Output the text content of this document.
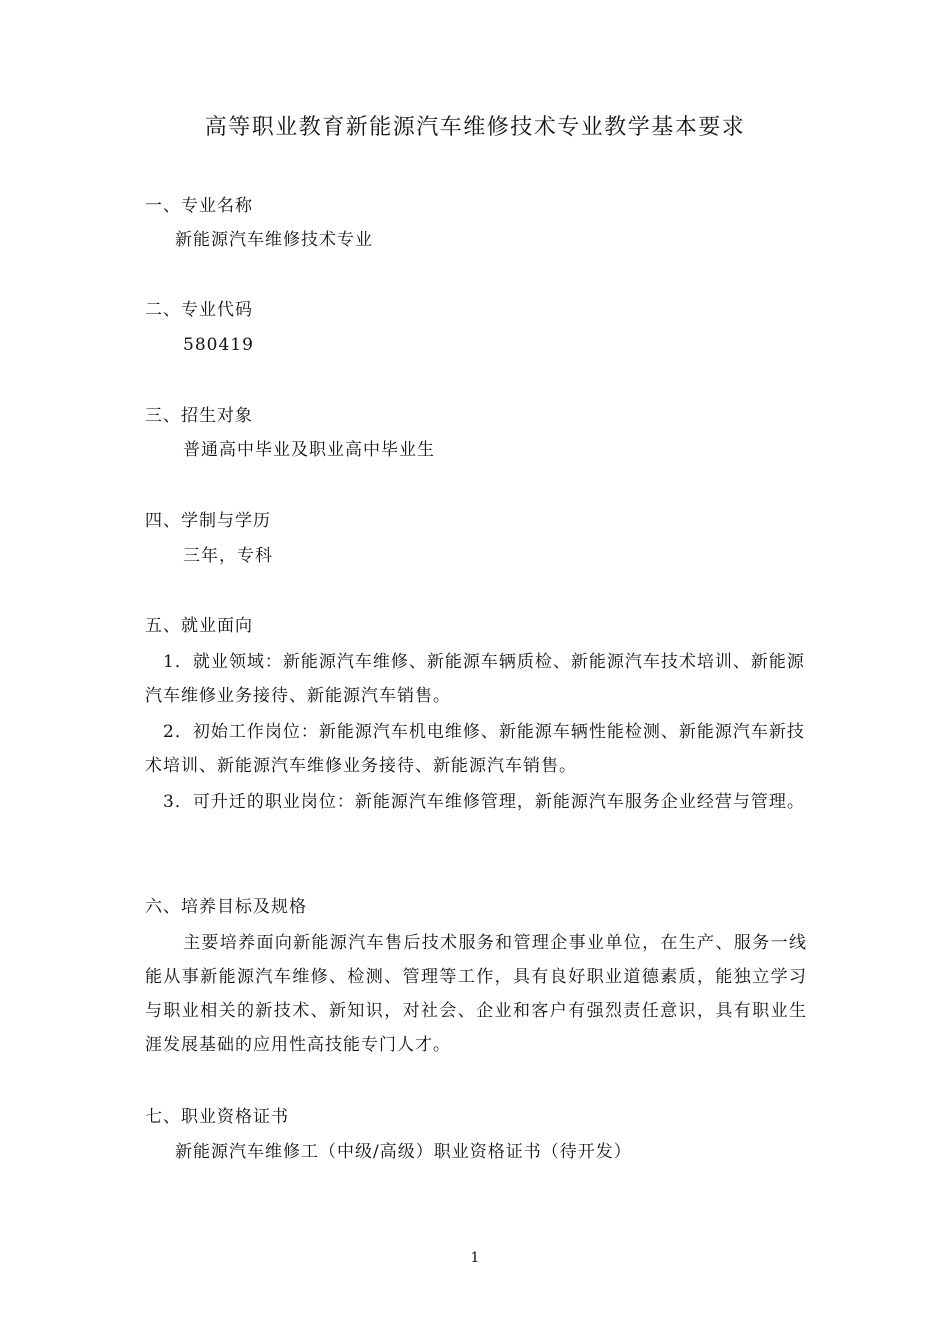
高等职业教育新能源汽车维修技术专业教学基本要求
一、专业名称

新能源汽车维修技术专业

二、专业代码

580419

三、招生对象

普通高中毕业及职业高中毕业生

四、学制与学历

三年，专科

五、就业面向

1．就业领域：新能源汽车维修、新能源车辆质检、新能源汽车技术培训、新能源汽车维修业务接待、新能源汽车销售。

2．初始工作岗位：新能源汽车机电维修、新能源车辆性能检测、新能源汽车新技术培训、新能源汽车维修业务接待、新能源汽车销售。

3．可升迁的职业岗位：新能源汽车维修管理，新能源汽车服务企业经营与管理。

六、培养目标及规格

主要培养面向新能源汽车售后技术服务和管理企事业单位，在生产、服务一线能从事新能源汽车维修、检测、管理等工作，具有良好职业道德素质，能独立学习与职业相关的新技术、新知识，对社会、企业和客户有强烈责任意识，具有职业生涯发展基础的应用性高技能专门人才。

七、职业资格证书

新能源汽车维修工（中级/高级）职业资格证书（待开发）

1
